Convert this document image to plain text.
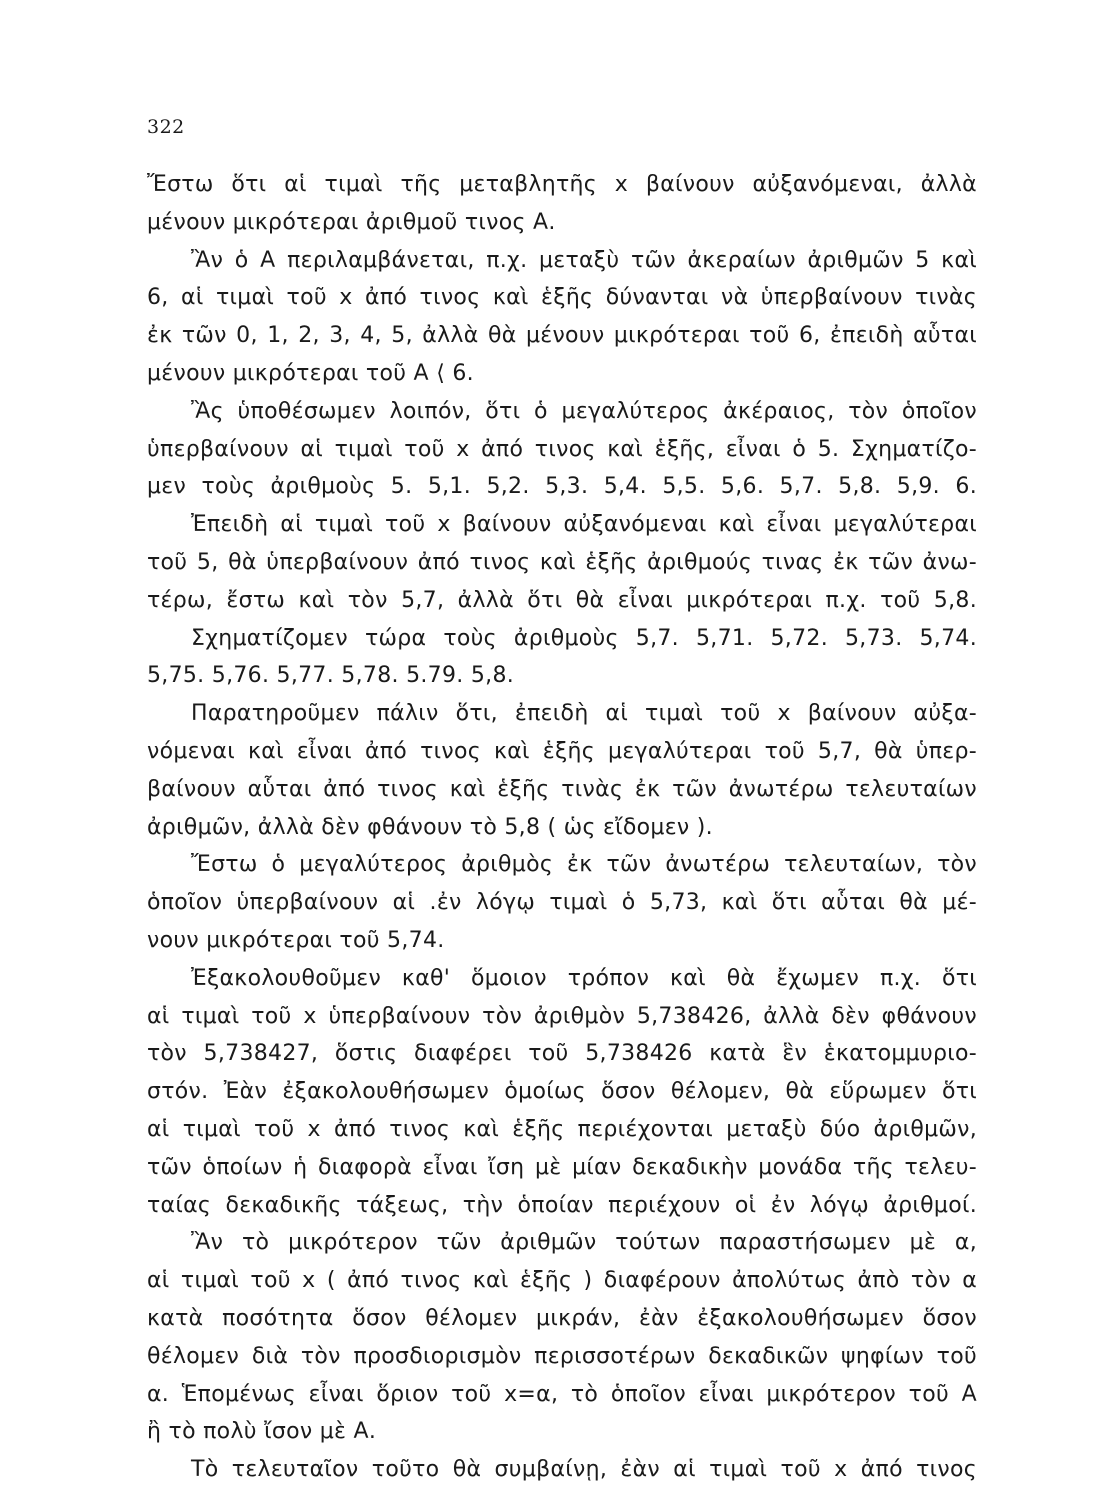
322
Ἔστω ὅτι αἱ τιμαὶ τῆς μεταβλητῆς x βαίνουν αὐξανόμεναι, ἀλλὰ
μένουν μικρότεραι ἀριθμοῦ τινος Α.
Ἂν ὁ Α περιλαμβάνεται, π.χ. μεταξὺ τῶν ἀκεραίων ἀριθμῶν 5 καὶ
6, αἱ τιμαὶ τοῦ x ἀπό τινος καὶ ἑξῆς δύνανται νὰ ὑπερβαίνουν τινὰς
ἐκ τῶν 0, 1, 2, 3, 4, 5, ἀλλὰ θὰ μένουν μικρότεραι τοῦ 6, ἐπειδὴ αὗται
μένουν μικρότεραι τοῦ Α ⟨ 6.
Ἂς ὑποθέσωμεν λοιπόν, ὅτι ὁ μεγαλύτερος ἀκέραιος, τὸν ὁποῖον
ὑπερβαίνουν αἱ τιμαὶ τοῦ x ἀπό τινος καὶ ἑξῆς, εἶναι ὁ 5. Σχηματίζο-
μεν τοὺς ἀριθμοὺς 5. 5,1. 5,2. 5,3. 5,4. 5,5. 5,6. 5,7. 5,8. 5,9. 6.
Ἐπειδὴ αἱ τιμαὶ τοῦ x βαίνουν αὐξανόμεναι καὶ εἶναι μεγαλύτεραι
τοῦ 5, θὰ ὑπερβαίνουν ἀπό τινος καὶ ἑξῆς ἀριθμούς τινας ἐκ τῶν ἀνω-
τέρω, ἔστω καὶ τὸν 5,7, ἀλλὰ ὅτι θὰ εἶναι μικρότεραι π.χ. τοῦ 5,8.
Σχηματίζομεν τώρα τοὺς ἀριθμοὺς 5,7. 5,71. 5,72. 5,73. 5,74.
5,75. 5,76. 5,77. 5,78. 5.79. 5,8.
Παρατηροῦμεν πάλιν ὅτι, ἐπειδὴ αἱ τιμαὶ τοῦ x βαίνουν αὐξα-
νόμεναι καὶ εἶναι ἀπό τινος καὶ ἑξῆς μεγαλύτεραι τοῦ 5,7, θὰ ὑπερ-
βαίνουν αὗται ἀπό τινος καὶ ἑξῆς τινὰς ἐκ τῶν ἀνωτέρω τελευταίων
ἀριθμῶν, ἀλλὰ δὲν φθάνουν τὸ 5,8 ( ὡς εἴδομεν ).
Ἔστω ὁ μεγαλύτερος ἀριθμὸς ἐκ τῶν ἀνωτέρω τελευταίων, τὸν
ὁποῖον ὑπερβαίνουν αἱ .ἐν λόγῳ τιμαὶ ὁ 5,73, καὶ ὅτι αὗται θὰ μέ-
νουν μικρότεραι τοῦ 5,74.
Ἐξακολουθοῦμεν καθ' ὅμοιον τρόπον καὶ θὰ ἔχωμεν π.χ. ὅτι
αἱ τιμαὶ τοῦ x ὑπερβαίνουν τὸν ἀριθμὸν 5,738426, ἀλλὰ δὲν φθάνουν
τὸν 5,738427, ὅστις διαφέρει τοῦ 5,738426 κατὰ ἓν ἑκατομμυριο-
στόν. Ἐὰν ἐξακολουθήσωμεν ὁμοίως ὅσον θέλομεν, θὰ εὕρωμεν ὅτι
αἱ τιμαὶ τοῦ x ἀπό τινος καὶ ἑξῆς περιέχονται μεταξὺ δύο ἀριθμῶν,
τῶν ὁποίων ἡ διαφορὰ εἶναι ἴση μὲ μίαν δεκαδικὴν μονάδα τῆς τελευ-
ταίας δεκαδικῆς τάξεως, τὴν ὁποίαν περιέχουν οἱ ἐν λόγῳ ἀριθμοί.
Ἂν τὸ μικρότερον τῶν ἀριθμῶν τούτων παραστήσωμεν μὲ α,
αἱ τιμαὶ τοῦ x ( ἀπό τινος καὶ ἑξῆς ) διαφέρουν ἀπολύτως ἀπὸ τὸν α
κατὰ ποσότητα ὅσον θέλομεν μικράν, ἐὰν ἐξακολουθήσωμεν ὅσον
θέλομεν διὰ τὸν προσδιορισμὸν περισσοτέρων δεκαδικῶν ψηφίων τοῦ
α. Ἑπομένως εἶναι ὅριον τοῦ x=α, τὸ ὁποῖον εἶναι μικρότερον τοῦ Α
ἢ τὸ πολὺ ἴσον μὲ Α.
Τὸ τελευταῖον τοῦτο θὰ συμβαίνῃ, ἐὰν αἱ τιμαὶ τοῦ x ἀπό τινος
